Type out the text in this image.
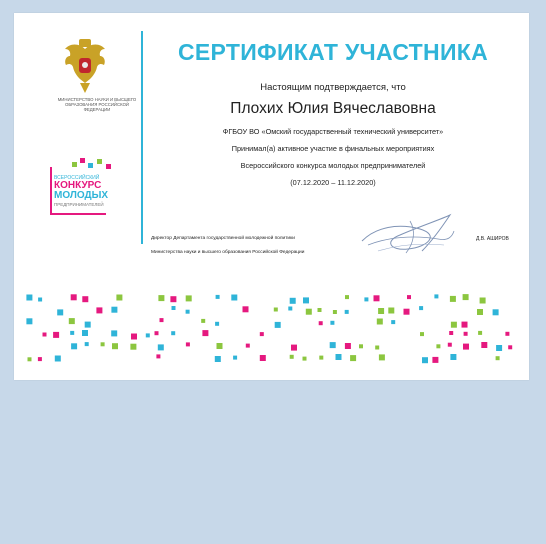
МИНИСТЕРСТВО НАУКИ И ВЫСШЕГО ОБРАЗОВАНИЯ РОССИЙСКОЙ ФЕДЕРАЦИИ
ВСЕРОССИЙСКИЙ
КОНКУРС
МОЛОДЫХ
ПРЕДПРИНИМАТЕЛЕЙ
СЕРТИФИКАТ УЧАСТНИКА
Настоящим подтверждается, что
Плохих Юлия Вячеславовна
ФГБОУ ВО «Омский государственный технический университет»
Принимал(а) активное участие в финальных мероприятиях
Всероссийского конкурса молодых предпринимателей
(07.12.2020 – 11.12.2020)
Директор Департамента государственной молодежной политики
Министерства науки и высшего образования Российской Федерации
Д.В. АШИРОВ
